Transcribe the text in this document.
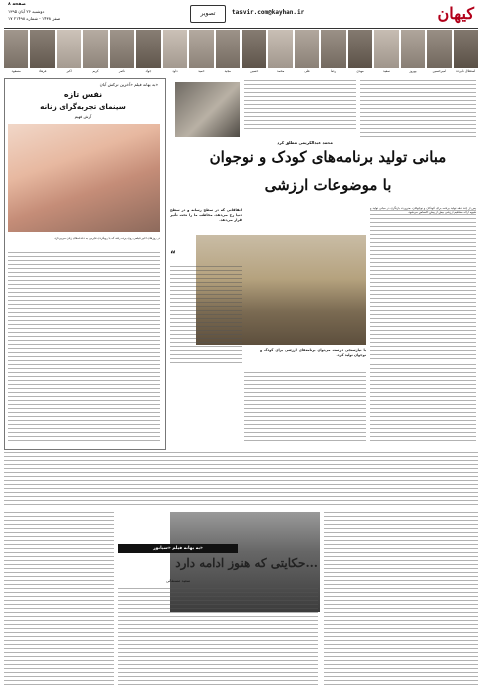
کیهان
tasvir.com@kayhan.ir
تصویر
صفحه ۸
دوشنبه ۲۶ آبان ۱۳۹۵
۱۷ صفر ۱۴۳۸ - شماره ۲۱۴۹۸
استقلال نابرده
امیرحسین
بهروز
سعید
مهدی
رضا
علی
محمد
حسین
مجید
حمید
داود
جواد
ناصر
کریم
اکبر
فرهاد
مسعود
محمد عبدالکریمی مطلق کرد
مبانی تولید برنامه‌های کودک و نوجوان
با موضوعات ارزشی
اتفاقاتی که در سطح رسانه و در سطح دنیا رخ می‌دهد، مخاطب ما را تحت تأثیر قرار می‌دهد.
“
پس از چند دهه تولید برنامه برای کودکان و نوجوانان، ضرورت بازنگری در مبانی تولید و شیوه ارائه مفاهیم ارزشی بیش از پیش احساس می‌شود.
با نیازسنجی درست می‌توان برنامه‌های ارزشی برای کودک و نوجوان تولید کرد.
به بهانه فیلم «آخرین ترکش آبان»
نفس تازه
سینمای تجربه‌گرای زنانه
آرش فهیم
در روزهای اخیر فیلمی روی پرده رفته که با رویکردی تجربی به دغدغه‌های زنان می‌پردازد.
به بهانه فیلم «سیانور»
حکایتی که هنوز ادامه دارد...
سعید مستغاثی
